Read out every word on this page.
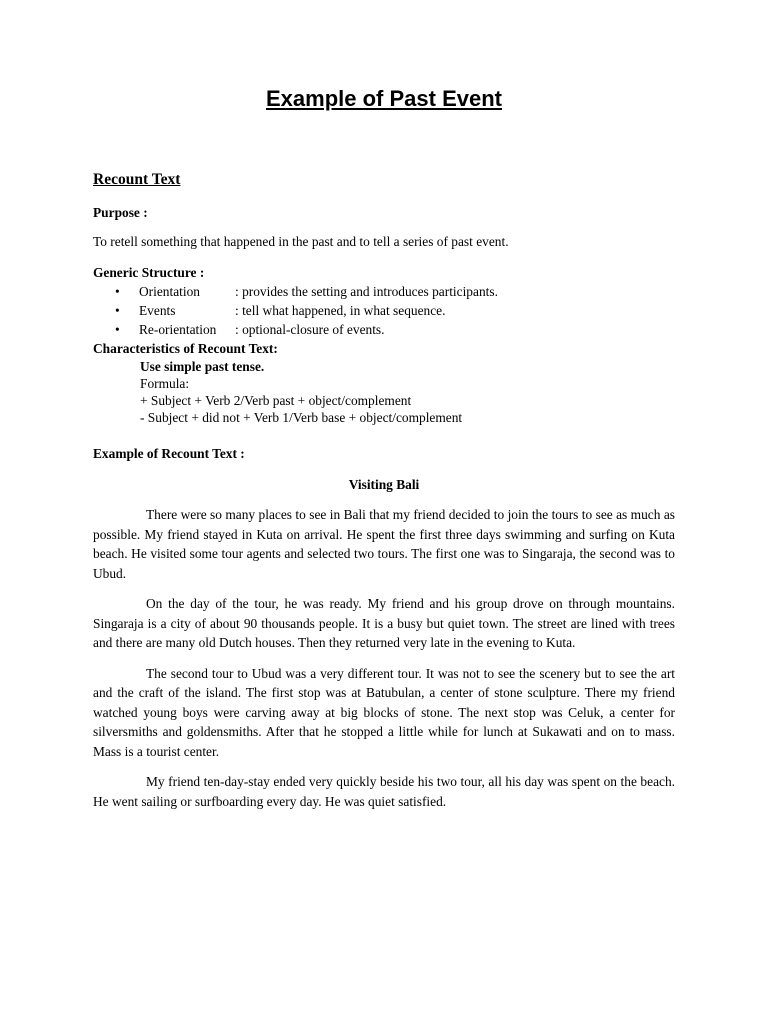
Example of Past Event

Recount Text

Purpose :

To retell something that happened in the past and to tell a series of past event.

Generic Structure :

•	Orientation	: provides the setting and introduces participants.
•	Events	: tell what happened, in what sequence.
•	Re-orientation	: optional-closure of events.

Characteristics of Recount Text:

Use simple past tense.

Formula:

+ Subject + Verb 2/Verb past + object/complement

- Subject + did not + Verb 1/Verb base + object/complement

Example of Recount Text :

Visiting Bali

There were so many places to see in Bali that my friend decided to join the tours to see as much as possible. My friend stayed in Kuta on arrival. He spent the first three days swimming and surfing on Kuta beach. He visited some tour agents and selected two tours. The first one was to Singaraja, the second was to Ubud.

On the day of the tour, he was ready. My friend and his group drove on through mountains. Singaraja is a city of about 90 thousands people. It is a busy but quiet town. The street are lined with trees and there are many old Dutch houses. Then they returned very late in the evening to Kuta.

The second tour to Ubud was a very different tour. It was not to see the scenery but to see the art and the craft of the island. The first stop was at Batubulan, a center of stone sculpture. There my friend watched young boys were carving away at big blocks of stone. The next stop was Celuk, a center for silversmiths and goldensmiths. After that he stopped a little while for lunch at Sukawati and on to mass. Mass is a tourist center.

My friend ten-day-stay ended very quickly beside his two tour, all his day was spent on the beach. He went sailing or surfboarding every day. He was quiet satisfied.
